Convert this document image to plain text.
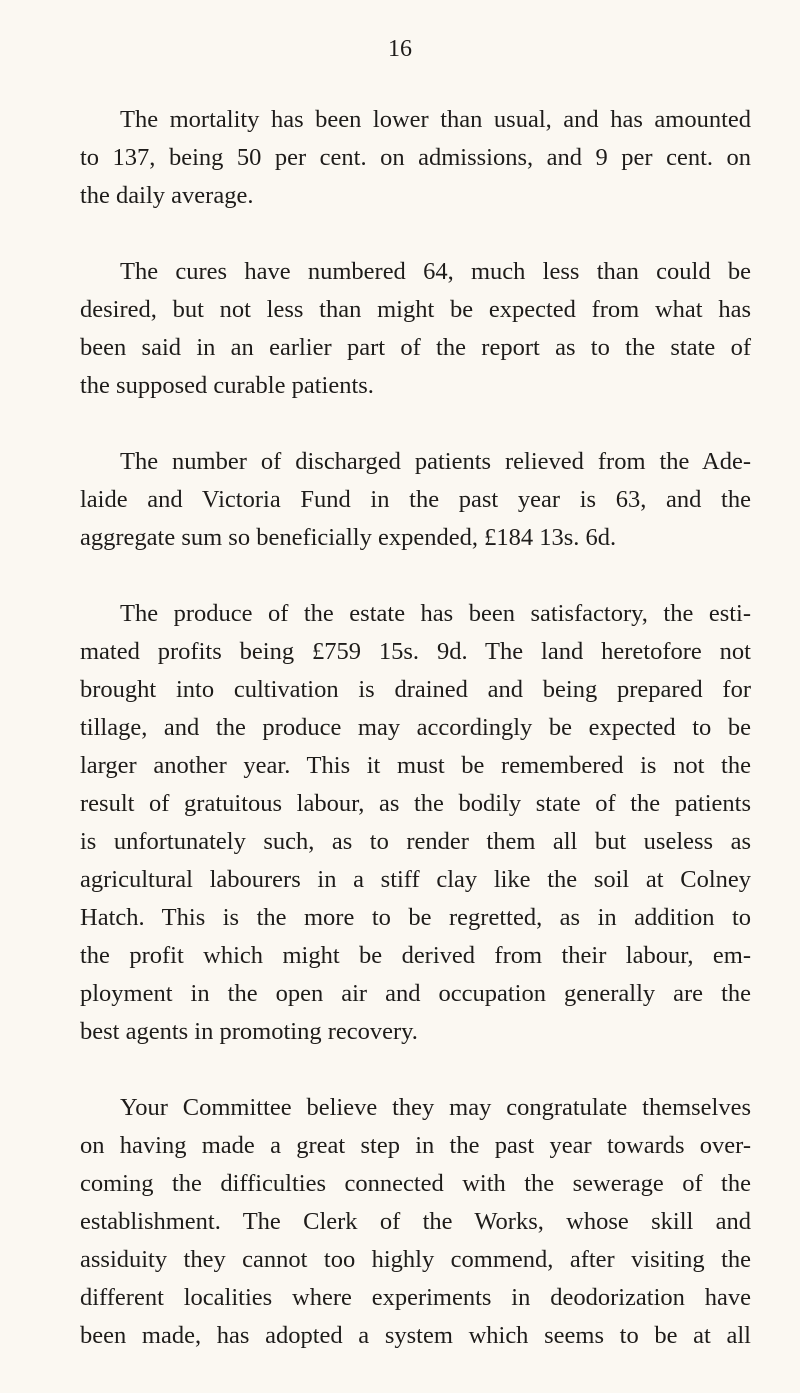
16
The mortality has been lower than usual, and has amounted
to 137, being 50 per cent. on admissions, and 9 per cent. on
the daily average.
The cures have numbered 64, much less than could be
desired, but not less than might be expected from what has
been said in an earlier part of the report as to the state of
the supposed curable patients.
The number of discharged patients relieved from the Ade-
laide and Victoria Fund in the past year is 63, and the
aggregate sum so beneficially expended, £184 13s. 6d.
The produce of the estate has been satisfactory, the esti-
mated profits being £759 15s. 9d. The land heretofore not
brought into cultivation is drained and being prepared for
tillage, and the produce may accordingly be expected to be
larger another year. This it must be remembered is not the
result of gratuitous labour, as the bodily state of the patients
is unfortunately such, as to render them all but useless as
agricultural labourers in a stiff clay like the soil at Colney
Hatch. This is the more to be regretted, as in addition to
the profit which might be derived from their labour, em-
ployment in the open air and occupation generally are the
best agents in promoting recovery.
Your Committee believe they may congratulate themselves
on having made a great step in the past year towards over-
coming the difficulties connected with the sewerage of the
establishment. The Clerk of the Works, whose skill and
assiduity they cannot too highly commend, after visiting the
different localities where experiments in deodorization have
been made, has adopted a system which seems to be at all
